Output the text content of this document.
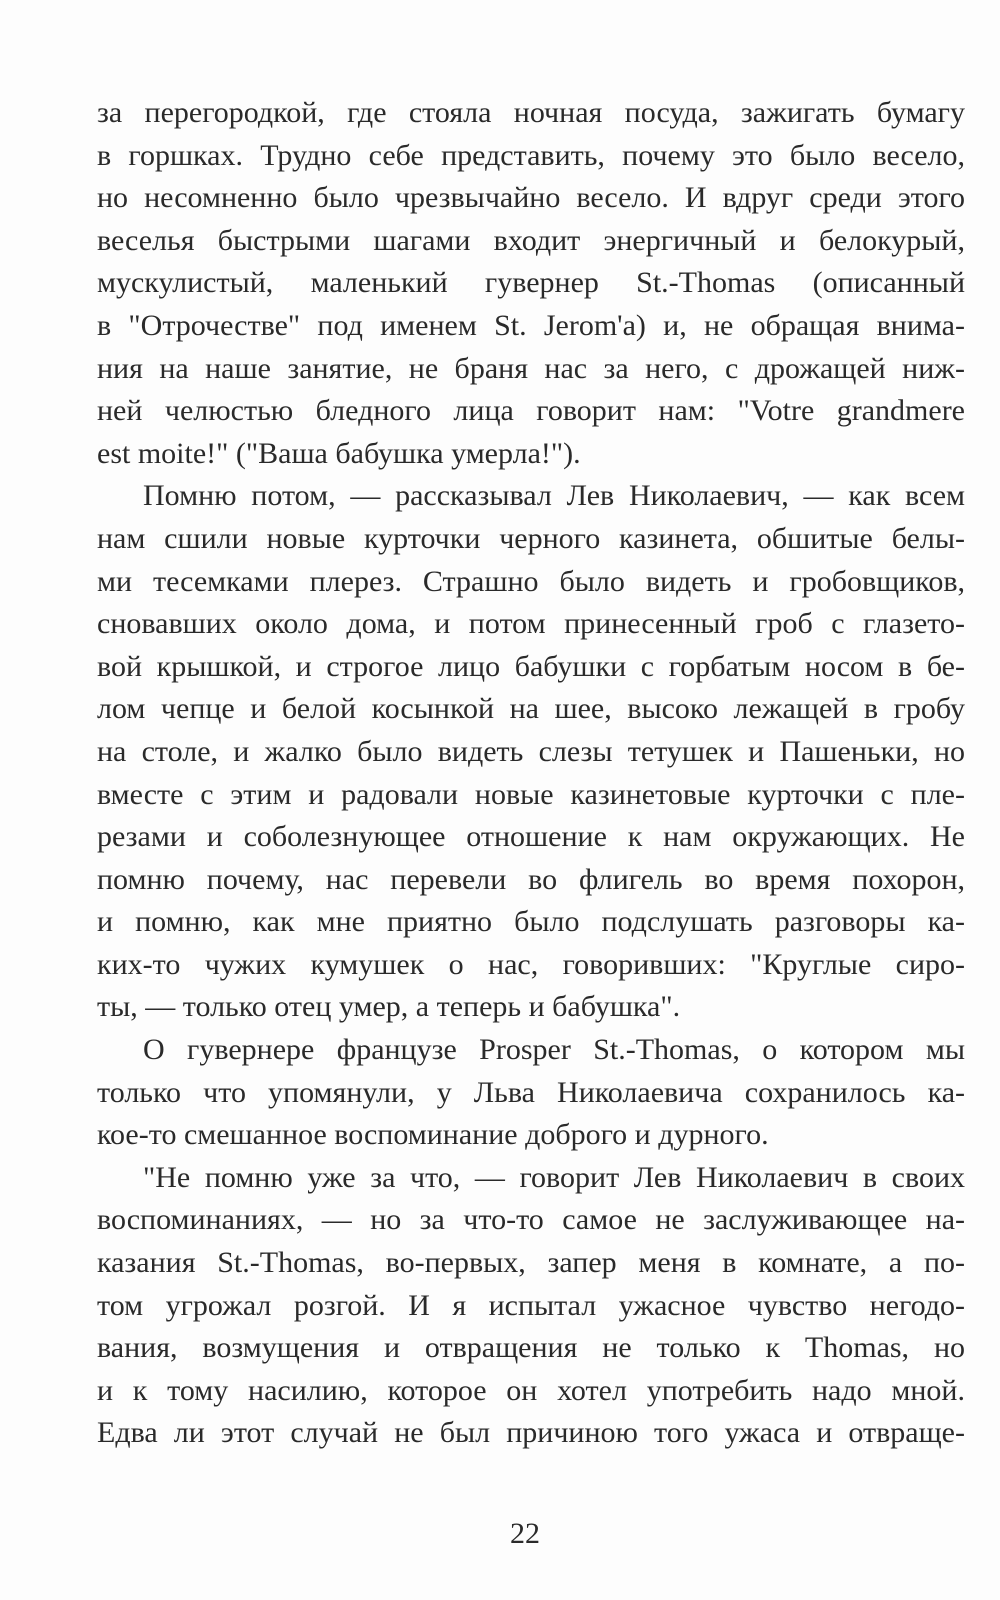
за перегородкой, где стояла ночная посуда, зажигать бумагу
в горшках. Трудно себе представить, почему это было весело,
но несомненно было чрезвычайно весело. И вдруг среди этого
веселья быстрыми шагами входит энергичный и белокурый,
мускулистый, маленький гувернер St.-Thomas (описанный
в "Отрочестве" под именем St. Jerom'a) и, не обращая внима-
ния на наше занятие, не браня нас за него, с дрожащей ниж-
ней челюстью бледного лица говорит нам: "Votre grandmere
est moite!" ("Ваша бабушка умерла!").
Помню потом, — рассказывал Лев Николаевич, — как всем
нам сшили новые курточки черного казинета, обшитые белы-
ми тесемками плерез. Страшно было видеть и гробовщиков,
сновавших около дома, и потом принесенный гроб с глазето-
вой крышкой, и строгое лицо бабушки с горбатым носом в бе-
лом чепце и белой косынкой на шее, высоко лежащей в гробу
на столе, и жалко было видеть слезы тетушек и Пашеньки, но
вместе с этим и радовали новые казинетовые курточки с пле-
резами и соболезнующее отношение к нам окружающих. Не
помню почему, нас перевели во флигель во время похорон,
и помню, как мне приятно было подслушать разговоры ка-
ких-то чужих кумушек о нас, говоривших: "Круглые сиро-
ты, — только отец умер, а теперь и бабушка".
О гувернере французе Prosper St.-Thomas, о котором мы
только что упомянули, у Льва Николаевича сохранилось ка-
кое-то смешанное воспоминание доброго и дурного.
"Не помню уже за что, — говорит Лев Николаевич в своих
воспоминаниях, — но за что-то самое не заслуживающее на-
казания St.-Thomas, во-первых, запер меня в комнате, а по-
том угрожал розгой. И я испытал ужасное чувство негодо-
вания, возмущения и отвращения не только к Thomas, но
и к тому насилию, которое он хотел употребить надо мной.
Едва ли этот случай не был причиною того ужаса и отвраще-
22
